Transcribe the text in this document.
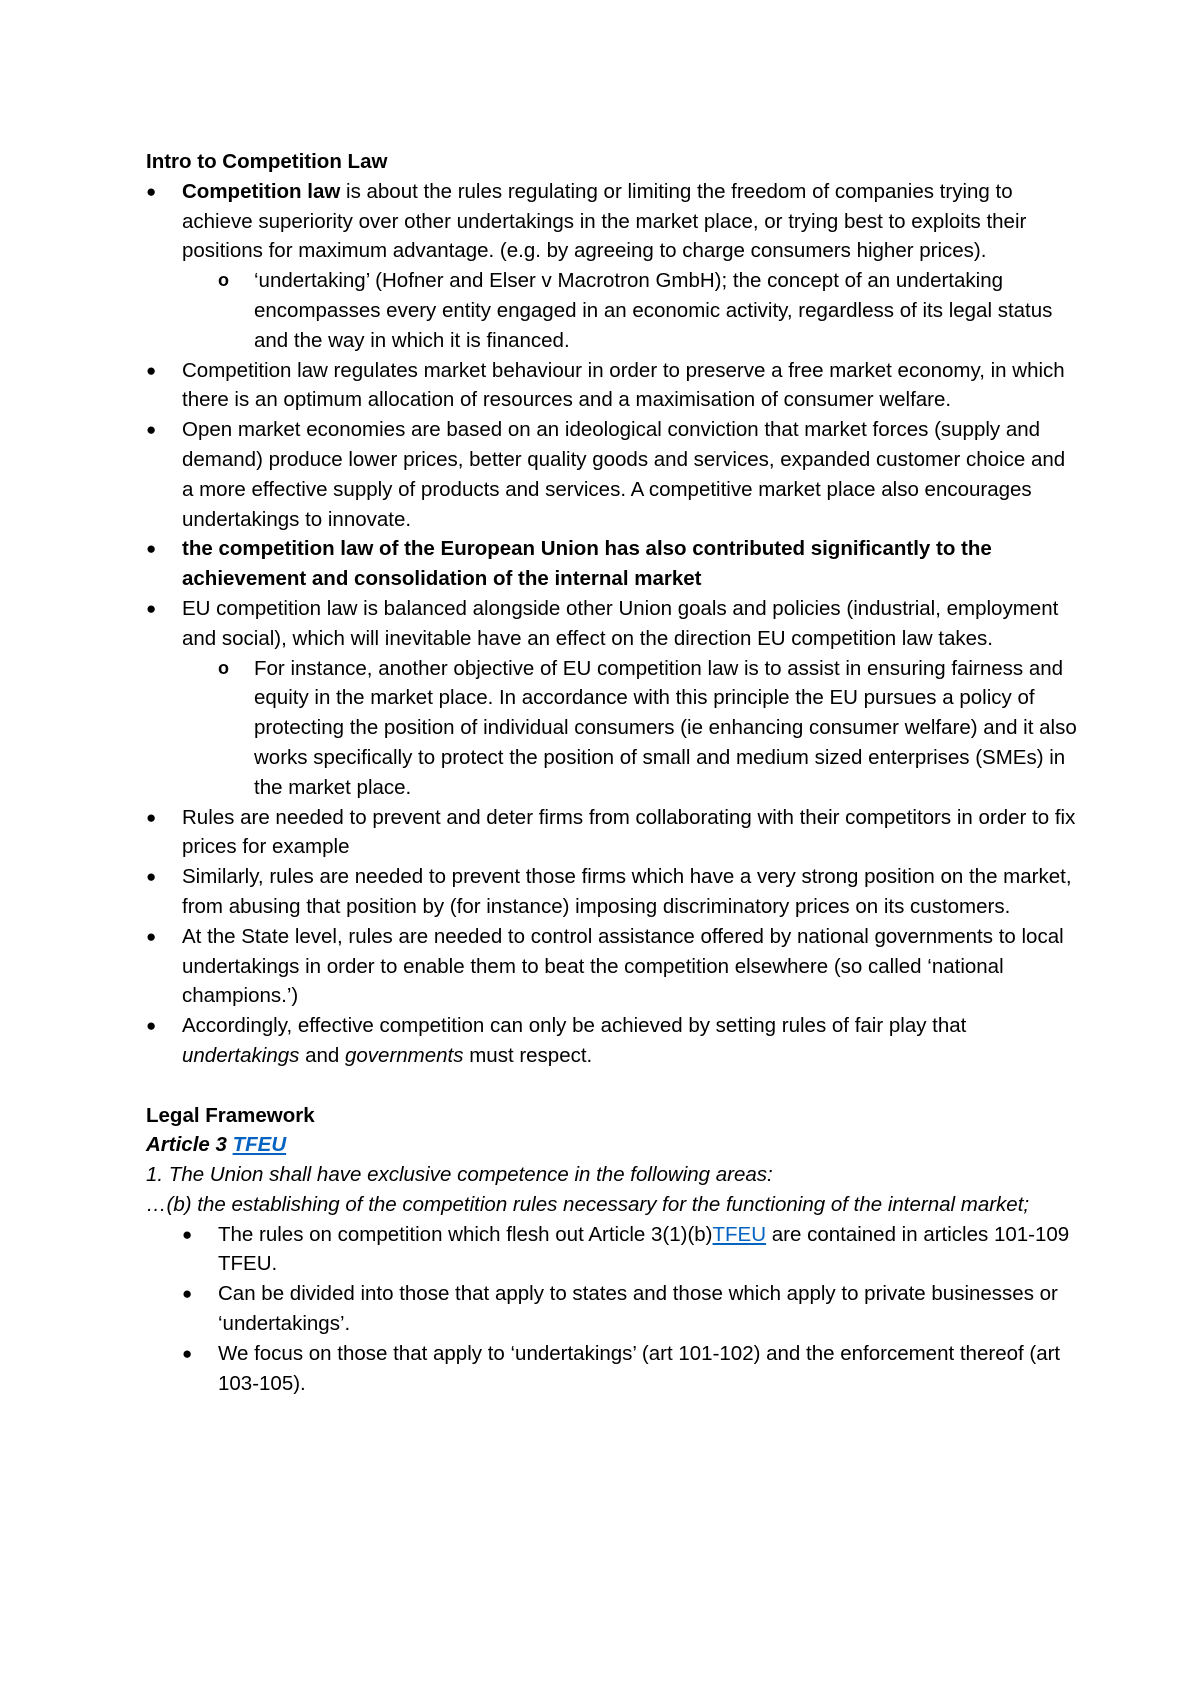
Intro to Competition Law

●	Competition law is about the rules regulating or limiting the freedom of companies trying to achieve superiority over other undertakings in the market place, or trying best to exploits their positions for maximum advantage. (e.g. by agreeing to charge consumers higher prices).
o	‘undertaking’ (Hofner and Elser v Macrotron GmbH); the concept of an undertaking encompasses every entity engaged in an economic activity, regardless of its legal status and the way in which it is financed.
●	Competition law regulates market behaviour in order to preserve a free market economy, in which there is an optimum allocation of resources and a maximisation of consumer welfare.
●	Open market economies are based on an ideological conviction that market forces (supply and demand) produce lower prices, better quality goods and services, expanded customer choice and a more effective supply of products and services. A competitive market place also encourages undertakings to innovate.
●	the competition law of the European Union has also contributed significantly to the achievement and consolidation of the internal market
●	EU competition law is balanced alongside other Union goals and policies (industrial, employment and social), which will inevitable have an effect on the direction EU competition law takes.
o	For instance, another objective of EU competition law is to assist in ensuring fairness and equity in the market place. In accordance with this principle the EU pursues a policy of protecting the position of individual consumers (ie enhancing consumer welfare) and it also works specifically to protect the position of small and medium sized enterprises (SMEs) in the market place.
●	Rules are needed to prevent and deter firms from collaborating with their competitors in order to fix prices for example
●	Similarly, rules are needed to prevent those firms which have a very strong position on the market, from abusing that position by (for instance) imposing discriminatory prices on its customers.
●	At the State level, rules are needed to control assistance offered by national governments to local undertakings in order to enable them to beat the competition elsewhere (so called ‘national champions.’)
●	Accordingly, effective competition can only be achieved by setting rules of fair play that undertakings and governments must respect.

Legal Framework

Article 3 TFEU

1. The Union shall have exclusive competence in the following areas:

…(b) the establishing of the competition rules necessary for the functioning of the internal market;

●	The rules on competition which flesh out Article 3(1)(b)TFEU are contained in articles 101-109 TFEU.
●	Can be divided into those that apply to states and those which apply to private businesses or ‘undertakings’.
●	We focus on those that apply to ‘undertakings’ (art 101-102) and the enforcement thereof (art 103-105).
